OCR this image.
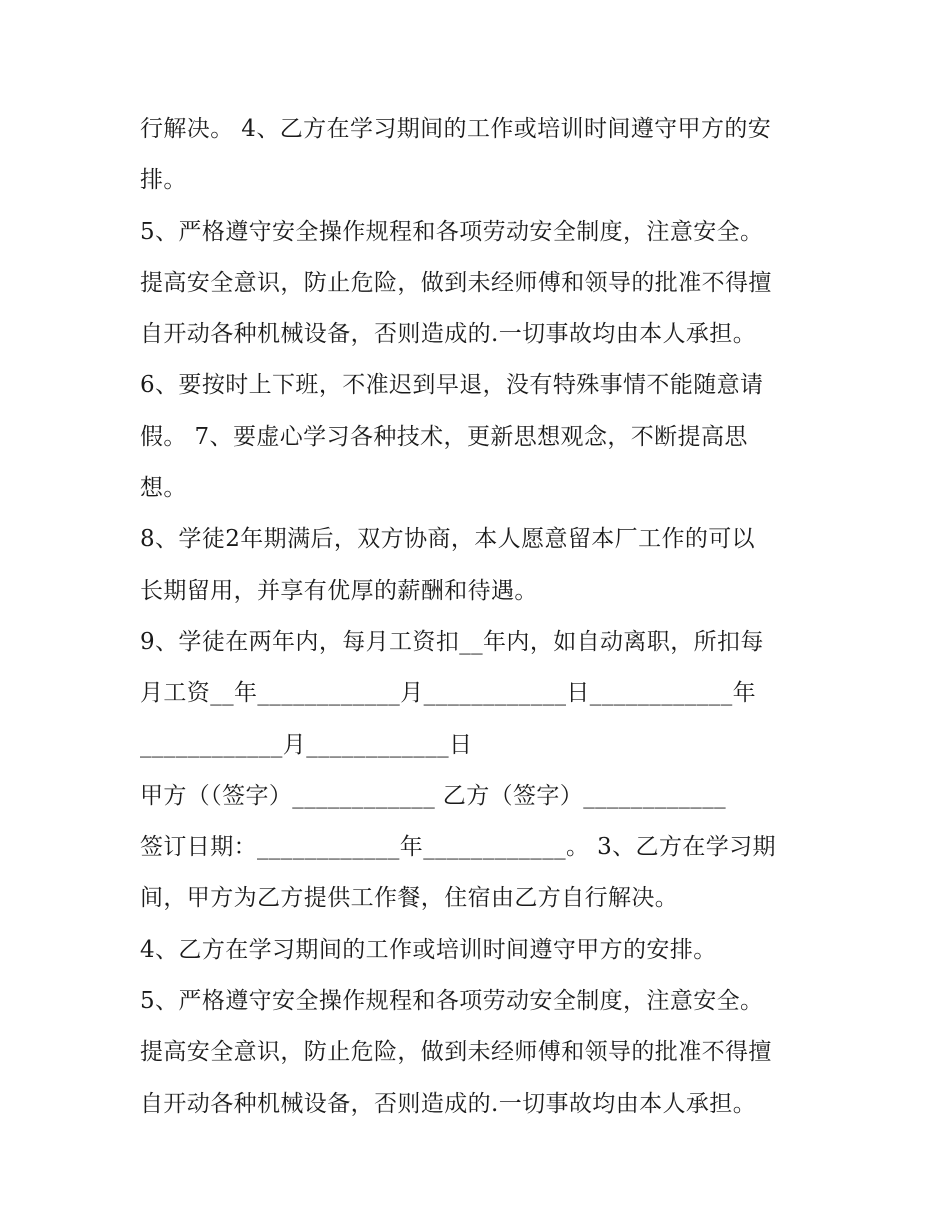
行解决。 4、乙方在学习期间的工作或培训时间遵守甲方的安
排。
5、严格遵守安全操作规程和各项劳动安全制度，注意安全。
提高安全意识，防止危险，做到未经师傅和领导的批准不得擅
自开动各种机械设备，否则造成的.一切事故均由本人承担。
6、要按时上下班，不准迟到早退，没有特殊事情不能随意请
假。 7、要虚心学习各种技术，更新思想观念，不断提高思
想。
8、学徒2年期满后，双方协商，本人愿意留本厂工作的可以
长期留用，并享有优厚的薪酬和待遇。
9、学徒在两年内，每月工资扣__年内，如自动离职，所扣每
月工资__年____________月____________日____________年
____________月____________日
甲方（（签字）____________ 乙方（签字）____________
签订日期：____________年____________。 3、乙方在学习期
间，甲方为乙方提供工作餐，住宿由乙方自行解决。
4、乙方在学习期间的工作或培训时间遵守甲方的安排。
5、严格遵守安全操作规程和各项劳动安全制度，注意安全。
提高安全意识，防止危险，做到未经师傅和领导的批准不得擅
自开动各种机械设备，否则造成的.一切事故均由本人承担。
